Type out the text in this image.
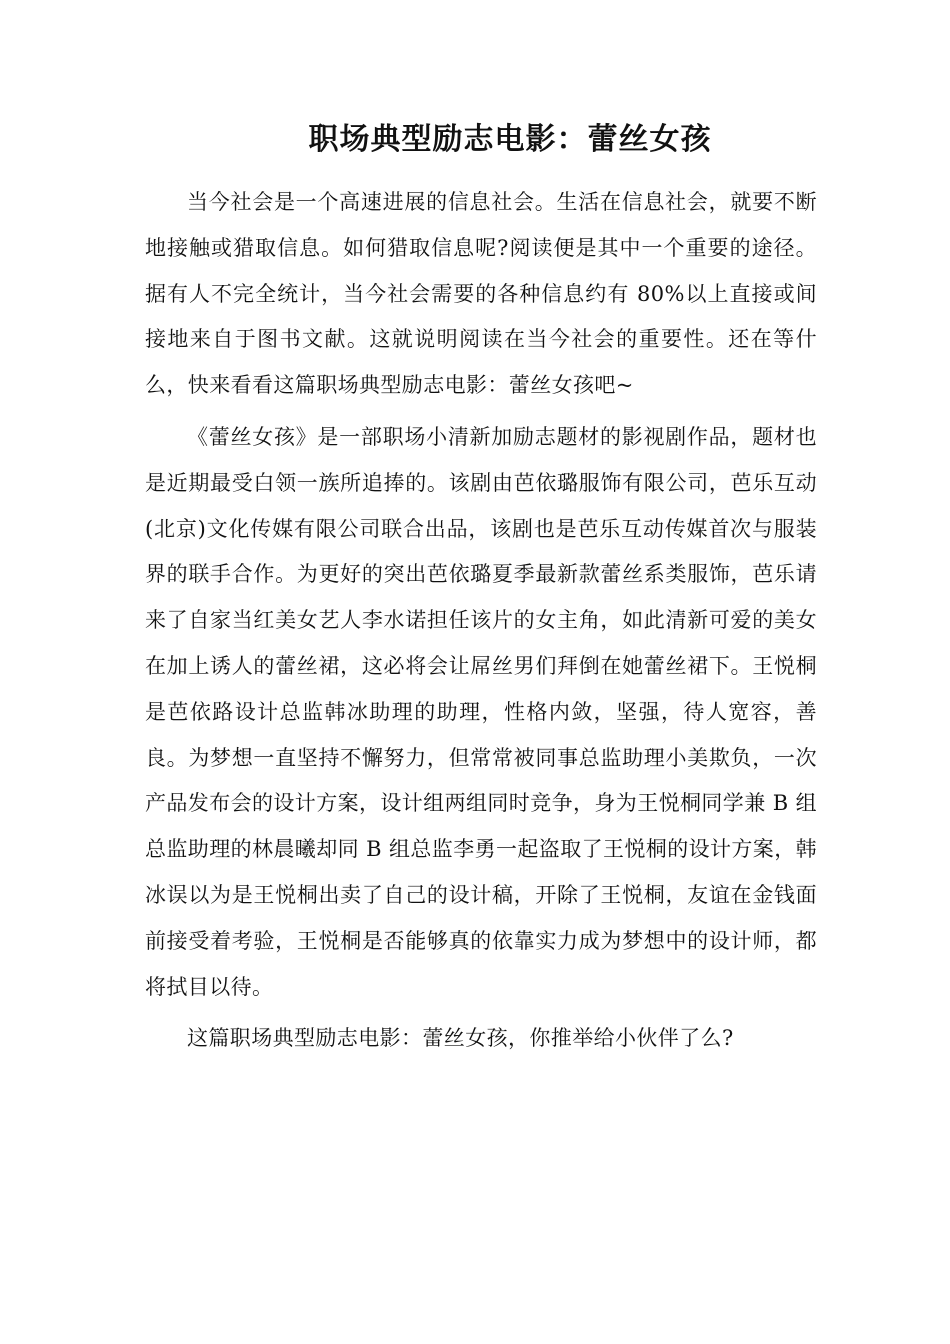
职场典型励志电影：蕾丝女孩

当今社会是一个高速进展的信息社会。生活在信息社会，就要不断地接触或猎取信息。如何猎取信息呢?阅读便是其中一个重要的途径。据有人不完全统计，当今社会需要的各种信息约有 80%以上直接或间接地来自于图书文献。这就说明阅读在当今社会的重要性。还在等什么，快来看看这篇职场典型励志电影：蕾丝女孩吧~

《蕾丝女孩》是一部职场小清新加励志题材的影视剧作品，题材也是近期最受白领一族所追捧的。该剧由芭依璐服饰有限公司，芭乐互动(北京)文化传媒有限公司联合出品，该剧也是芭乐互动传媒首次与服装界的联手合作。为更好的突出芭依璐夏季最新款蕾丝系类服饰，芭乐请来了自家当红美女艺人李水诺担任该片的女主角，如此清新可爱的美女在加上诱人的蕾丝裙，这必将会让屌丝男们拜倒在她蕾丝裙下。王悦桐是芭依路设计总监韩冰助理的助理，性格内敛，坚强，待人宽容，善良。为梦想一直坚持不懈努力，但常常被同事总监助理小美欺负，一次产品发布会的设计方案，设计组两组同时竞争，身为王悦桐同学兼 B 组总监助理的林晨曦却同 B 组总监李勇一起盗取了王悦桐的设计方案，韩冰误以为是王悦桐出卖了自己的设计稿，开除了王悦桐，友谊在金钱面前接受着考验，王悦桐是否能够真的依靠实力成为梦想中的设计师，都将拭目以待。

这篇职场典型励志电影：蕾丝女孩，你推举给小伙伴了么?
